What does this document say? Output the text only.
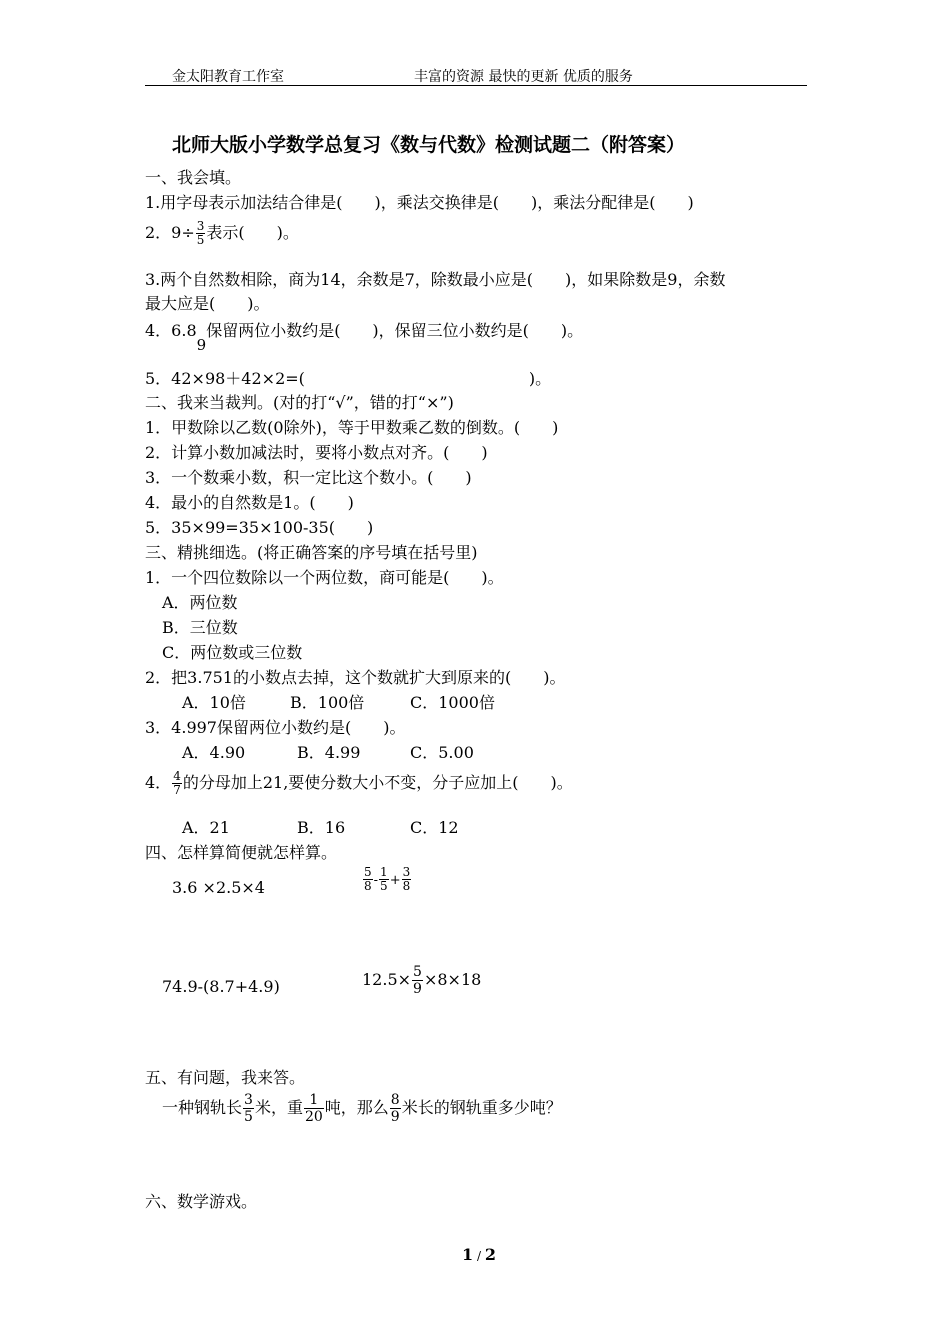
金太阳教育工作室	丰富的资源 最快的更新 优质的服务
北师大版小学数学总复习《数与代数》检测试题二（附答案）
一、我会填。
1.用字母表示加法结合律是(　　)，乘法交换律是(　　)，乘法分配律是(　　)
2．$9\div \frac{3}{5}$ 表示(　　)。
3.两个自然数相除，商为14，余数是7，除数最小应是(　　)，如果除数是9，余数
最大应是(　　)。
4．6.89保留两位小数约是(　　)，保留三位小数约是(　　)。
5．42×98＋42×2=(　　　　　　　　　　　　　　)。
二、我来当裁判。(对的打“√”，错的打“×”)
1．甲数除以乙数(0除外)，等于甲数乘乙数的倒数。(　　)
2．计算小数加减法时，要将小数点对齐。(　　)
3．一个数乘小数，积一定比这个数小。(　　)
4．最小的自然数是1。(　　)
5．35×99=35×100-35(　　)
三、精挑细选。(将正确答案的序号填在括号里)
1．一个四位数除以一个两位数，商可能是(　　)。
A．两位数
B．三位数
C．两位数或三位数
2．把3.751的小数点去掉，这个数就扩大到原来的(　　)。
A．10倍	B．100倍	C．1000倍
3．4.997保留两位小数约是(　　)。
A．4.90	B．4.99	C．5.00
4． $\frac{4}{7}$ 的分母加上21,要使分数大小不变，分子应加上(　　)。
A．21	B．16	C．12
四、怎样算简便就怎样算。
3.6 ×2.5×4	$\frac{5}{8} - \frac{1}{5} + \frac{3}{8}$
74.9-(8.7+4.9)	$12.5\times \frac{5}{9} \times 8\times 18$
五、有问题，我来答。
一种钢轨长 $\frac{3}{5}$ 米，重 $\frac{1}{20}$ 吨，那么 $\frac{8}{9}$ 米长的钢轨重多少吨？
六、数学游戏。
1 / 2
